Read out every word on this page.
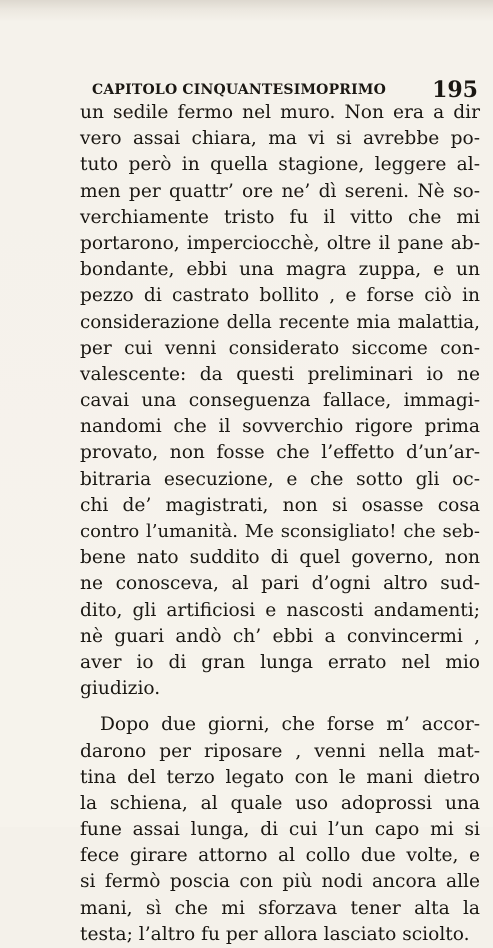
CAPITOLO CINQUANTESIMOPRIMO 195
un sedile fermo nel muro. Non era a dir
vero assai chiara, ma vi si avrebbe po-
tuto però in quella stagione, leggere al-
men per quattr’ ore ne’ dì sereni. Nè so-
verchiamente tristo fu il vitto che mi
portarono, imperciocchè, oltre il pane ab-
bondante, ebbi una magra zuppa, e un
pezzo di castrato bollito , e forse ciò in
considerazione della recente mia malattia,
per cui venni considerato siccome con-
valescente: da questi preliminari io ne
cavai una conseguenza fallace, immagi-
nandomi che il sovverchio rigore prima
provato, non fosse che l’effetto d’un’ar-
bitraria esecuzione, e che sotto gli oc-
chi de’ magistrati, non si osasse cosa
contro l’umanità. Me sconsigliato! che seb-
bene nato suddito di quel governo, non
ne conosceva, al pari d’ogni altro sud-
dito, gli artificiosi e nascosti andamenti;
nè guari andò ch’ ebbi a convincermi ,
aver io di gran lunga errato nel mio
giudizio.
Dopo due giorni, che forse m’ accor-
darono per riposare , venni nella mat-
tina del terzo legato con le mani dietro
la schiena, al quale uso adoprossi una
fune assai lunga, di cui l’un capo mi si
fece girare attorno al collo due volte, e
si fermò poscia con più nodi ancora alle
mani, sì che mi sforzava tener alta la
testa; l’altro fu per allora lasciato sciolto.
